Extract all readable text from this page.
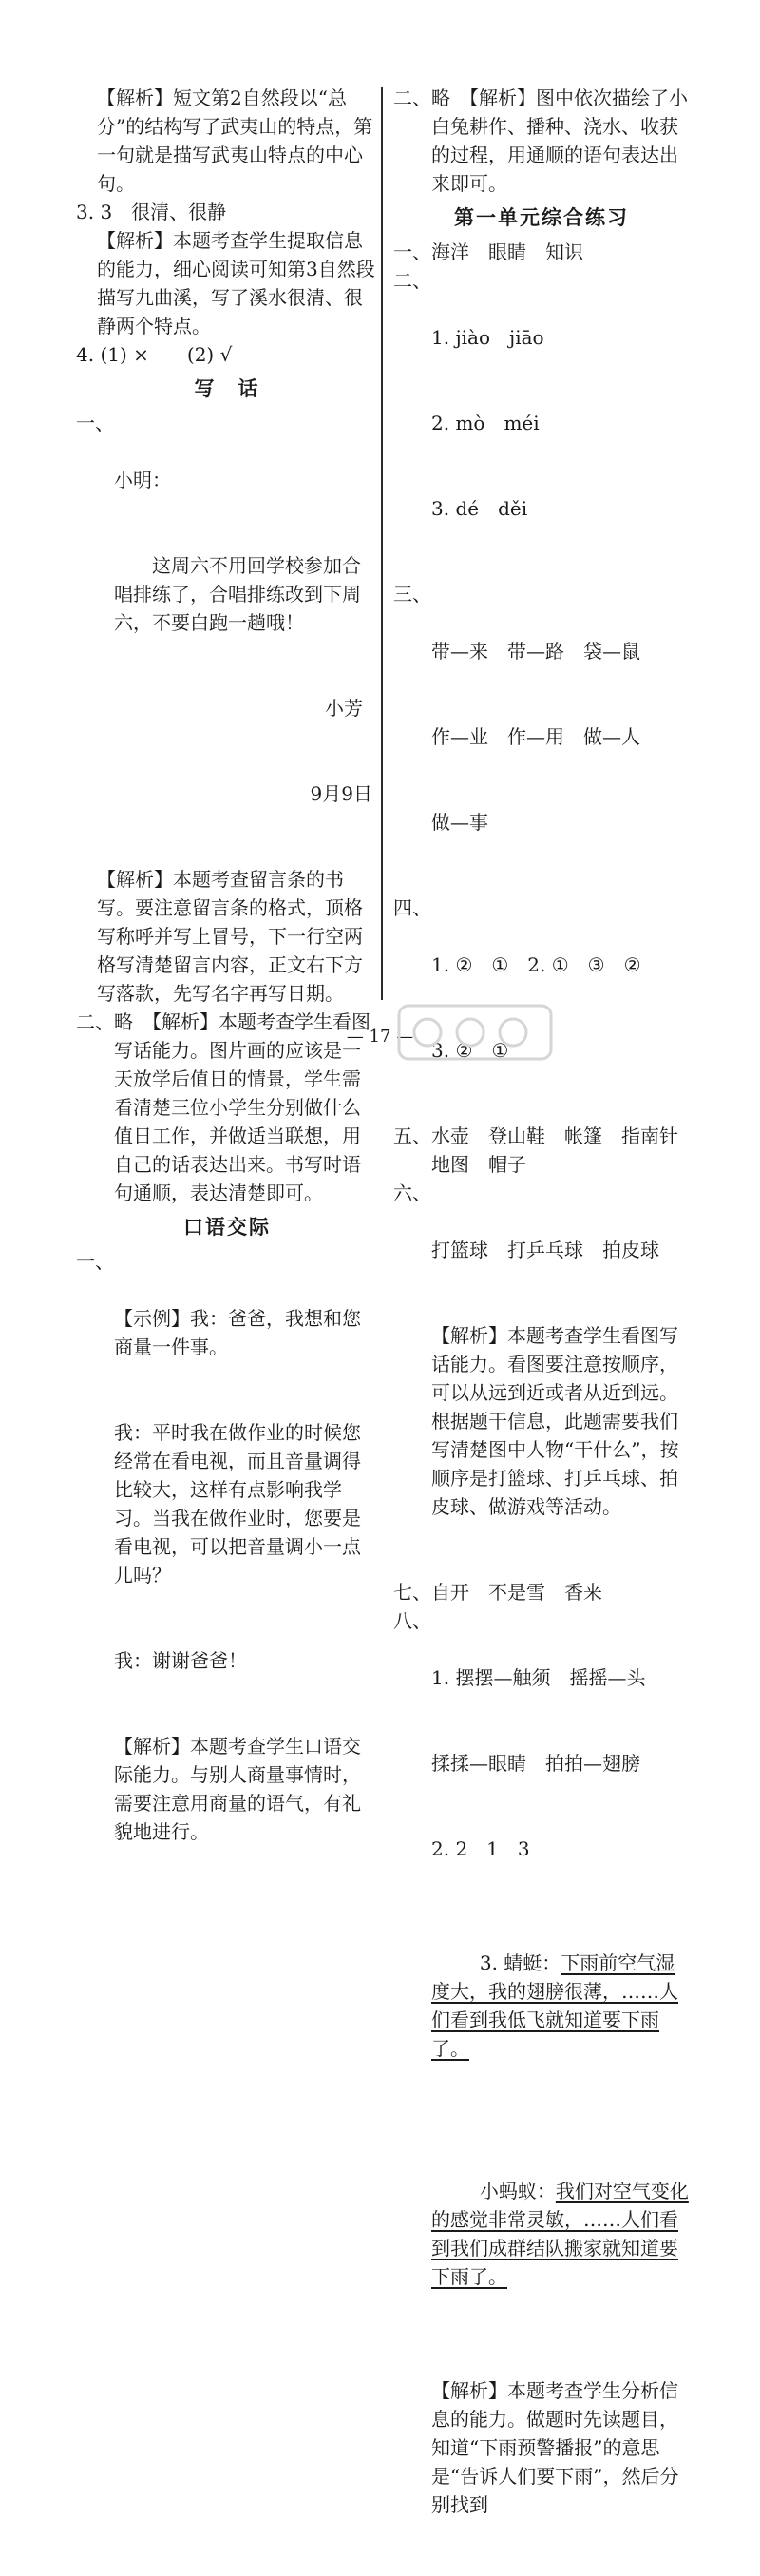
【解析】短文第2自然段以“总分”的结构写了武夷山的特点，第一句就是描写武夷山特点的中心句。
3. 3　很清、很静
【解析】本题考查学生提取信息的能力，细心阅读可知第3自然段描写九曲溪，写了溪水很清、很静两个特点。
4. (1) ×　　(2) √
写　话
一、

小明：

这周六不用回学校参加合唱排练了，合唱排练改到下周六，不要白跑一趟哦！

小芳

9月9日

【解析】本题考查留言条的书写。要注意留言条的格式，顶格写称呼并写上冒号，下一行空两格写清楚留言内容，正文右下方写落款，先写名字再写日期。
二、 略　【解析】本题考查学生看图写话能力。图片画的应该是一天放学后值日的情景，学生需看清楚三位小学生分别做什么值日工作，并做适当联想，用自己的话表达出来。书写时语句通顺，表达清楚即可。
口语交际
一、

【示例】我：爸爸，我想和您商量一件事。

我：平时我在做作业的时候您经常在看电视，而且音量调得比较大，这样有点影响我学习。当我在做作业时，您要是看电视，可以把音量调小一点儿吗？

我：谢谢爸爸！

【解析】本题考查学生口语交际能力。与别人商量事情时，需要注意用商量的语气，有礼貌地进行。

二、 略　【解析】图中依次描绘了小白兔耕作、播种、浇水、收获的过程，用通顺的语句表达出来即可。
第一单元综合练习
一、 海洋　眼睛　知识
二、

1. jiào　jiāo

2. mò　méi

3. dé　děi

三、

带—来　带—路　袋—鼠

作—业　作—用　做—人

做—事

四、

1. ②　①　2. ①　③　②

3. ②　①

五、 水壶　登山鞋　帐篷　指南针　地图　帽子
六、

打篮球　打乒乓球　拍皮球

【解析】本题考查学生看图写话能力。看图要注意按顺序，可以从远到近或者从近到远。根据题干信息，此题需要我们写清楚图中人物“干什么”，按顺序是打篮球、打乒乓球、拍皮球、做游戏等活动。

七、 自开　不是雪　香来
八、

1. 摆摆—触须　摇摇—头

揉揉—眼睛　拍拍—翅膀

2. 2　1　3

3. 蜻蜓：下雨前空气湿度大，我的翅膀很薄，……人们看到我低飞就知道要下雨了。

小蚂蚁：我们对空气变化的感觉非常灵敏，……人们看到我们成群结队搬家就知道要下雨了。

【解析】本题考查学生分析信息的能力。做题时先读题目，知道“下雨预警播报”的意思是“告诉人们要下雨”，然后分别找到

— 17 —
